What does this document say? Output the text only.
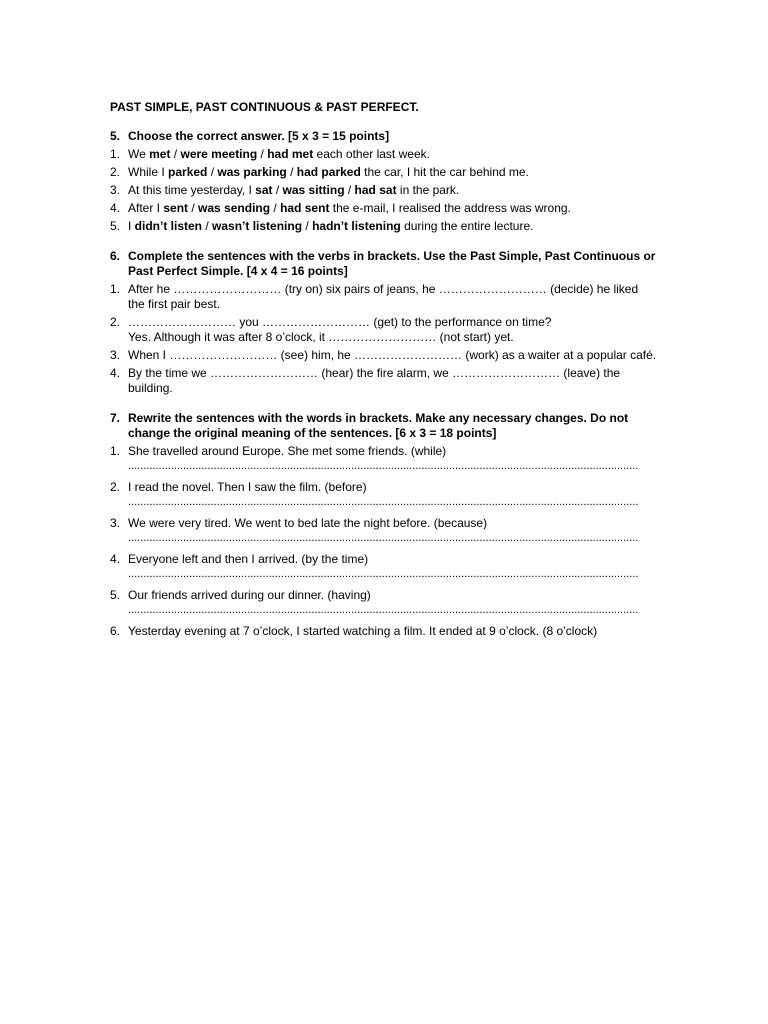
PAST SIMPLE, PAST CONTINUOUS & PAST PERFECT.
5. Choose the correct answer. [5 x 3 = 15 points]
1. We met / were meeting / had met each other last week.
2. While I parked / was parking / had parked the car, I hit the car behind me.
3. At this time yesterday, I sat / was sitting / had sat in the park.
4. After I sent / was sending / had sent the e-mail, I realised the address was wrong.
5. I didn’t listen / wasn’t listening / hadn’t listening during the entire lecture.
6. Complete the sentences with the verbs in brackets. Use the Past Simple, Past Continuous or Past Perfect Simple. [4 x 4 = 16 points]
1. After he ……………………… (try on) six pairs of jeans, he ……………………… (decide) he liked the first pair best.
2. ……………………… you ……………………… (get) to the performance on time?
Yes. Although it was after 8 o’clock, it ……………………… (not start) yet.
3. When I ……………………… (see) him, he ……………………… (work) as a waiter at a popular café.
4. By the time we ……………………… (hear) the fire alarm, we ……………………… (leave) the building.
7. Rewrite the sentences with the words in brackets. Make any necessary changes. Do not change the original meaning of the sentences. [6 x 3 = 18 points]
1. She travelled around Europe. She met some friends. (while)
.......................................................................................................................................................................
2. I read the novel. Then I saw the film. (before)
.......................................................................................................................................................................
3. We were very tired. We went to bed late the night before. (because)
.......................................................................................................................................................................
4. Everyone left and then I arrived. (by the time)
.......................................................................................................................................................................
5. Our friends arrived during our dinner. (having)
.......................................................................................................................................................................
6. Yesterday evening at 7 o’clock, I started watching a film. It ended at 9 o’clock. (8 o’clock)
